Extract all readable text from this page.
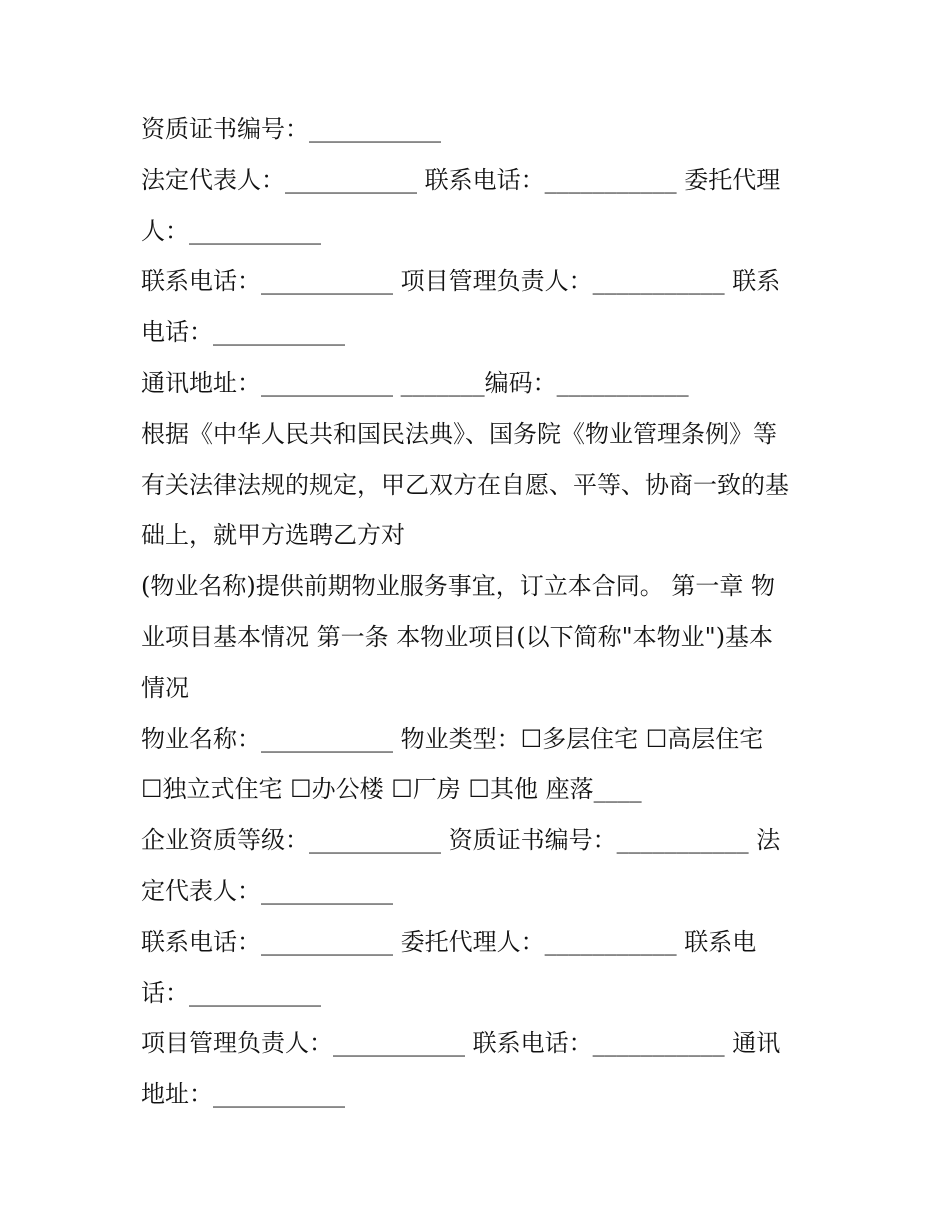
资质证书编号：___________

法定代表人：___________ 联系电话：___________ 委托代理

人：___________

联系电话：___________ 项目管理负责人：___________ 联系

电话：___________

通讯地址：___________ _______编码：___________

根据《中华人民共和国民法典》、国务院《物业管理条例》等

有关法律法规的规定，甲乙双方在自愿、平等、协商一致的基

础上，就甲方选聘乙方对

(物业名称)提供前期物业服务事宜，订立本合同。 第一章 物

业项目基本情况 第一条 本物业项目(以下简称"本物业")基本

情况

物业名称：___________ 物业类型：☐多层住宅 ☐高层住宅

☐独立式住宅 ☐办公楼 ☐厂房 ☐其他 座落____

企业资质等级：___________ 资质证书编号：___________ 法

定代表人：___________

联系电话：___________ 委托代理人：___________ 联系电

话：___________

项目管理负责人：___________ 联系电话：___________ 通讯

地址：___________
